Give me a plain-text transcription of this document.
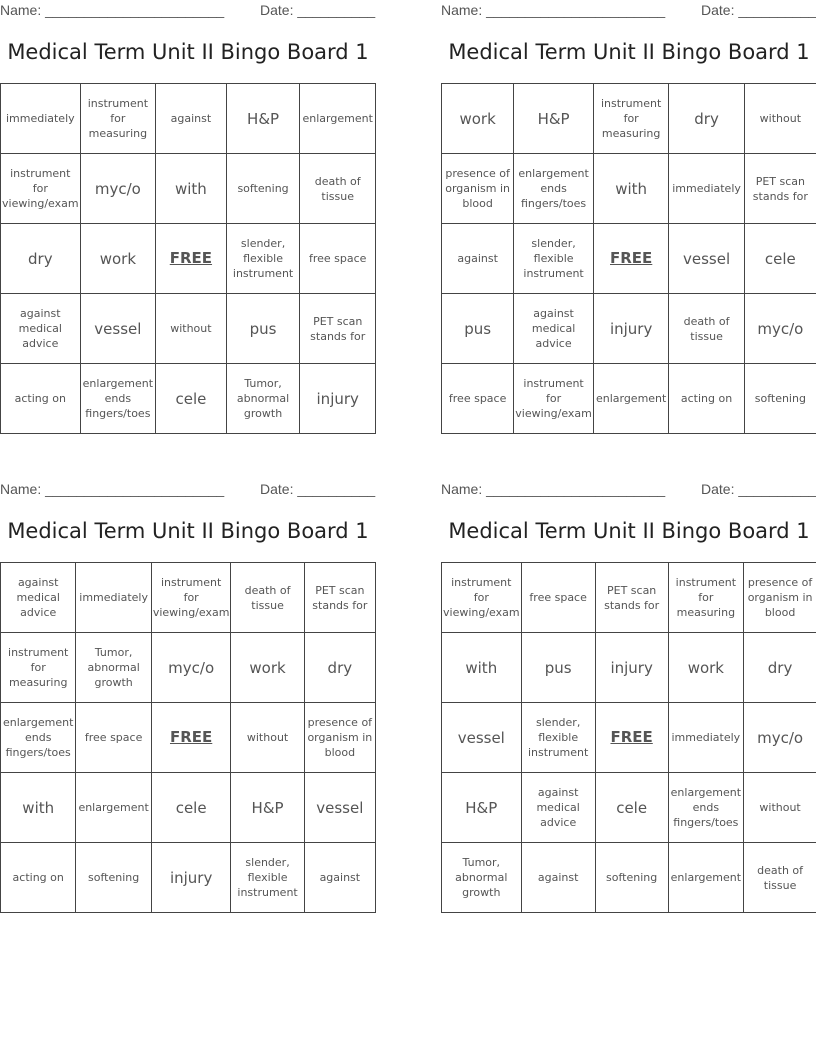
Name: _______________________	Date: __________
Medical Term Unit II Bingo Board 1
immediately	instrument for measuring	against	H&P	enlargement
instrument for viewing/exam	myc/o	with	softening	death of tissue
dry	work	FREE	slender, flexible instrument	free space
against medical advice	vessel	without	pus	PET scan stands for
acting on	enlargement ends fingers/toes	cele	Tumor, abnormal growth	injury
Name: _______________________	Date: __________
Medical Term Unit II Bingo Board 1
work	H&P	instrument for measuring	dry	without
presence of organism in blood	enlargement ends fingers/toes	with	immediately	PET scan stands for
against	slender, flexible instrument	FREE	vessel	cele
pus	against medical advice	injury	death of tissue	myc/o
free space	instrument for viewing/exam	enlargement	acting on	softening
Name: _______________________	Date: __________
Medical Term Unit II Bingo Board 1
against medical advice	immediately	instrument for viewing/exam	death of tissue	PET scan stands for
instrument for measuring	Tumor, abnormal growth	myc/o	work	dry
enlargement ends fingers/toes	free space	FREE	without	presence of organism in blood
with	enlargement	cele	H&P	vessel
acting on	softening	injury	slender, flexible instrument	against
Name: _______________________	Date: __________
Medical Term Unit II Bingo Board 1
instrument for viewing/exam	free space	PET scan stands for	instrument for measuring	presence of organism in blood
with	pus	injury	work	dry
vessel	slender, flexible instrument	FREE	immediately	myc/o
H&P	against medical advice	cele	enlargement ends fingers/toes	without
Tumor, abnormal growth	against	softening	enlargement	death of tissue
